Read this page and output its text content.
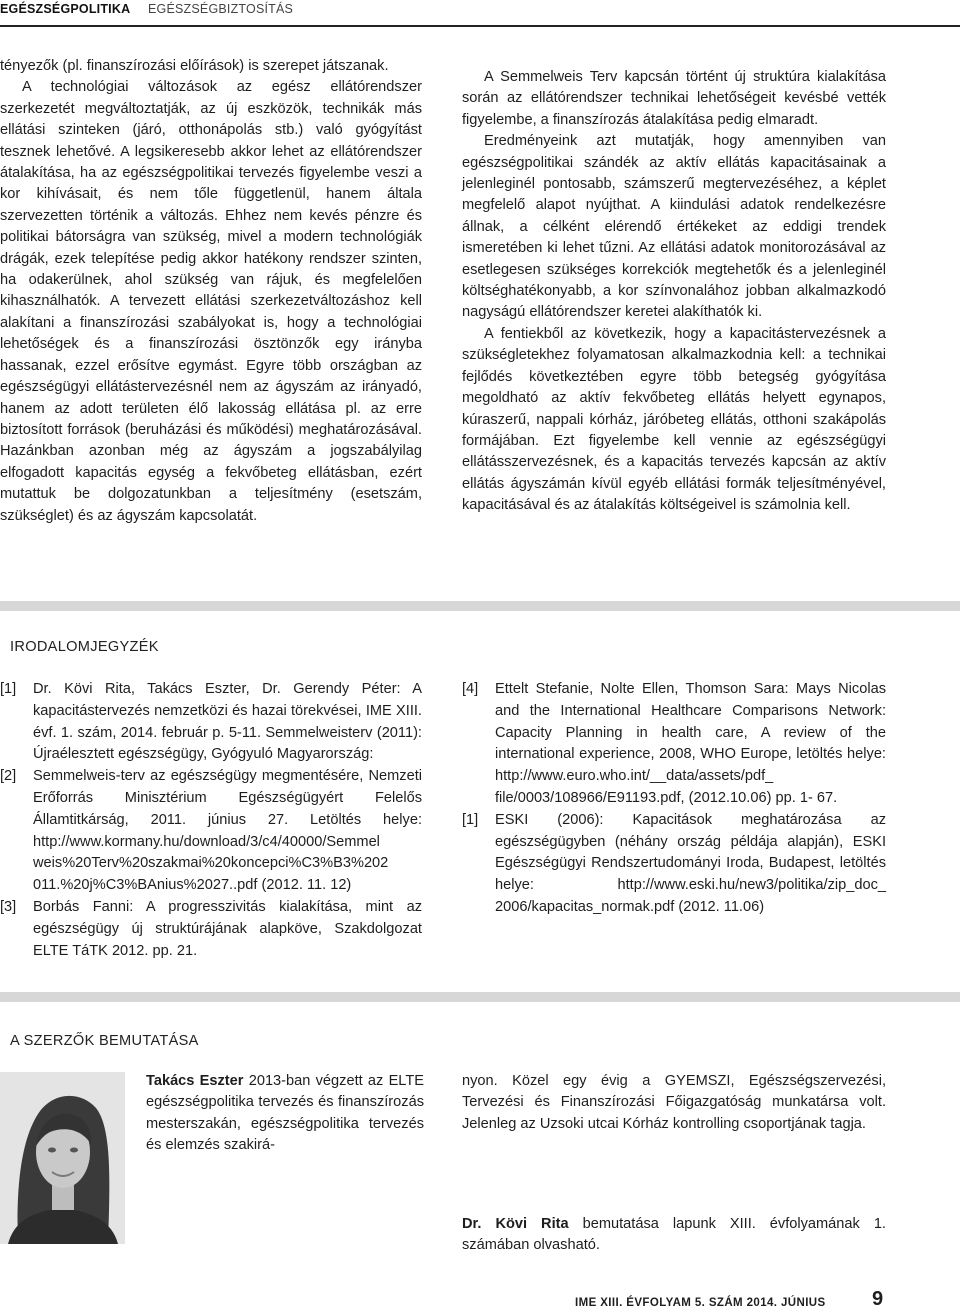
EGÉSZSÉGPOLITIKA EGÉSZSÉGBIZTOSÍTÁS

tényezők (pl. finanszírozási előírások) is szerepet játszanak.

A technológiai változások az egész ellátórendszer szerkezetét megváltoztatják, az új eszközök, technikák más ellátási szinteken (járó, otthonápolás stb.) való gyógyítást tesznek lehetővé. A legsikeresebb akkor lehet az ellátórendszer átalakítása, ha az egészségpolitikai tervezés figyelembe veszi a kor kihívásait, és nem tőle függetlenül, hanem általa szervezetten történik a változás. Ehhez nem kevés pénzre és politikai bátorságra van szükség, mivel a modern technológiák drágák, ezek telepítése pedig akkor hatékony rendszer szinten, ha odakerülnek, ahol szükség van rájuk, és megfelelően kihasználhatók. A tervezett ellátási szerkezetváltozáshoz kell alakítani a finanszírozási szabályokat is, hogy a technológiai lehetőségek és a finanszírozási ösztönzők egy irányba hassanak, ezzel erősítve egymást. Egyre több országban az egészségügyi ellátástervezésnél nem az ágyszám az irányadó, hanem az adott területen élő lakosság ellátása pl. az erre biztosított források (beruházási és működési) meghatározásával. Hazánkban azonban még az ágyszám a jogszabályilag elfogadott kapacitás egység a fekvőbeteg ellátásban, ezért mutattuk be dolgozatunkban a teljesítmény (esetszám, szükséglet) és az ágyszám kapcsolatát.

A Semmelweis Terv kapcsán történt új struktúra kialakítása során az ellátórendszer technikai lehetőségeit kevésbé vették figyelembe, a finanszírozás átalakítása pedig elmaradt.

Eredményeink azt mutatják, hogy amennyiben van egészségpolitikai szándék az aktív ellátás kapacitásainak a jelenleginél pontosabb, számszerű megtervezéséhez, a képlet megfelelő alapot nyújthat. A kiindulási adatok rendelkezésre állnak, a célként elérendő értékeket az eddigi trendek ismeretében ki lehet tűzni. Az ellátási adatok monitorozásával az esetlegesen szükséges korrekciók megtehetők és a jelenleginél költséghatékonyabb, a kor színvonalához jobban alkalmazkodó nagyságú ellátórendszer keretei alakíthatók ki.

A fentiekből az következik, hogy a kapacitástervezésnek a szükségletekhez folyamatosan alkalmazkodnia kell: a technikai fejlődés következtében egyre több betegség gyógyítása megoldható az aktív fekvőbeteg ellátás helyett egynapos, kúraszerű, nappali kórház, járóbeteg ellátás, otthoni szakápolás formájában. Ezt figyelembe kell vennie az egészségügyi ellátásszervezésnek, és a kapacitás tervezés kapcsán az aktív ellátás ágyszámán kívül egyéb ellátási formák teljesítményével, kapacitásával és az átalakítás költségeivel is számolnia kell.

IRODALOMJEGYZÉK
[1]	Dr. Kövi Rita, Takács Eszter, Dr. Gerendy Péter: A kapacitástervezés nemzetközi és hazai törekvései, IME XIII. évf. 1. szám, 2014. február p. 5-11. Semmelweisterv (2011): Újraélesztett egészségügy, Gyógyuló Magyarország:
[2]	Semmelweis-terv az egészségügy megmentésére, Nemzeti Erőforrás Minisztérium Egészségügyért Felelős Államtitkárság, 2011. június 27. Letöltés helye: http://www.kormany.hu/download/3/c4/40000/Semmel weis%20Terv%20szakmai%20koncepci%C3%B3%202 011.%20j%C3%BAnius%2027..pdf (2012. 11. 12)
[3]	Borbás Fanni: A progresszivitás kialakítása, mint az egészségügy új struktúrájának alapköve, Szakdolgozat ELTE TáTK 2012. pp. 21.
[4]	Ettelt Stefanie, Nolte Ellen, Thomson Sara: Mays Nicolas and the International Healthcare Comparisons Network: Capacity Planning in health care, A review of the international experience, 2008, WHO Europe, letöltés helye: http://www.euro.who.int/__data/assets/pdf_ file/0003/108966/E91193.pdf, (2012.10.06) pp. 1- 67.
[1]	ESKI (2006): Kapacitások meghatározása az egészségügyben (néhány ország példája alapján), ESKI Egészségügyi Rendszertudományi Iroda, Budapest, letöltés helye: http://www.eski.hu/new3/politika/zip_doc_ 2006/kapacitas_normak.pdf (2012. 11.06)
A SZERZŐK BEMUTATÁSA
Takács Eszter 2013-ban végzett az ELTE egészségpolitika tervezés és finanszírozás mesterszakán, egészségpolitika tervezés és elemzés szakirá-
nyon. Közel egy évig a GYEMSZI, Egészségszervezési, Tervezési és Finanszírozási Főigazgatóság munkatársa volt. Jelenleg az Uzsoki utcai Kórház kontrolling csoportjának tagja.
Dr. Kövi Rita bemutatása lapunk XIII. évfolyamának 1. számában olvasható.
IME XIII. ÉVFOLYAM 5. SZÁM 2014. JÚNIUS 9
